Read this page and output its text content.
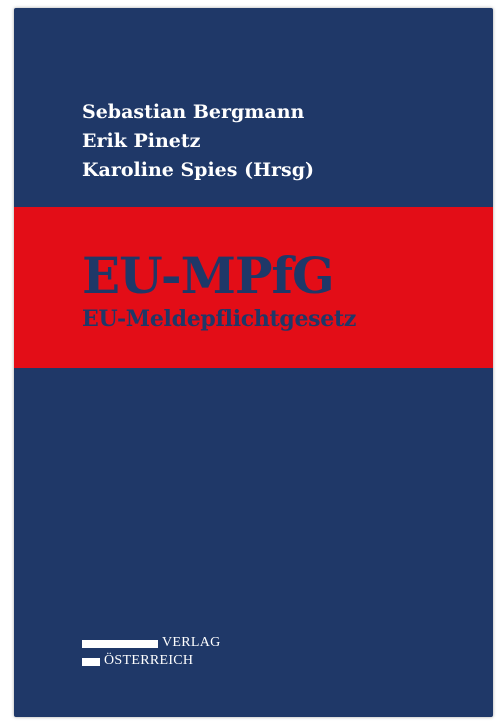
Sebastian Bergmann
Erik Pinetz
Karoline Spies (Hrsg)
EU-MPfG
EU-Meldepflichtgesetz
VERLAG
ÖSTERREICH
